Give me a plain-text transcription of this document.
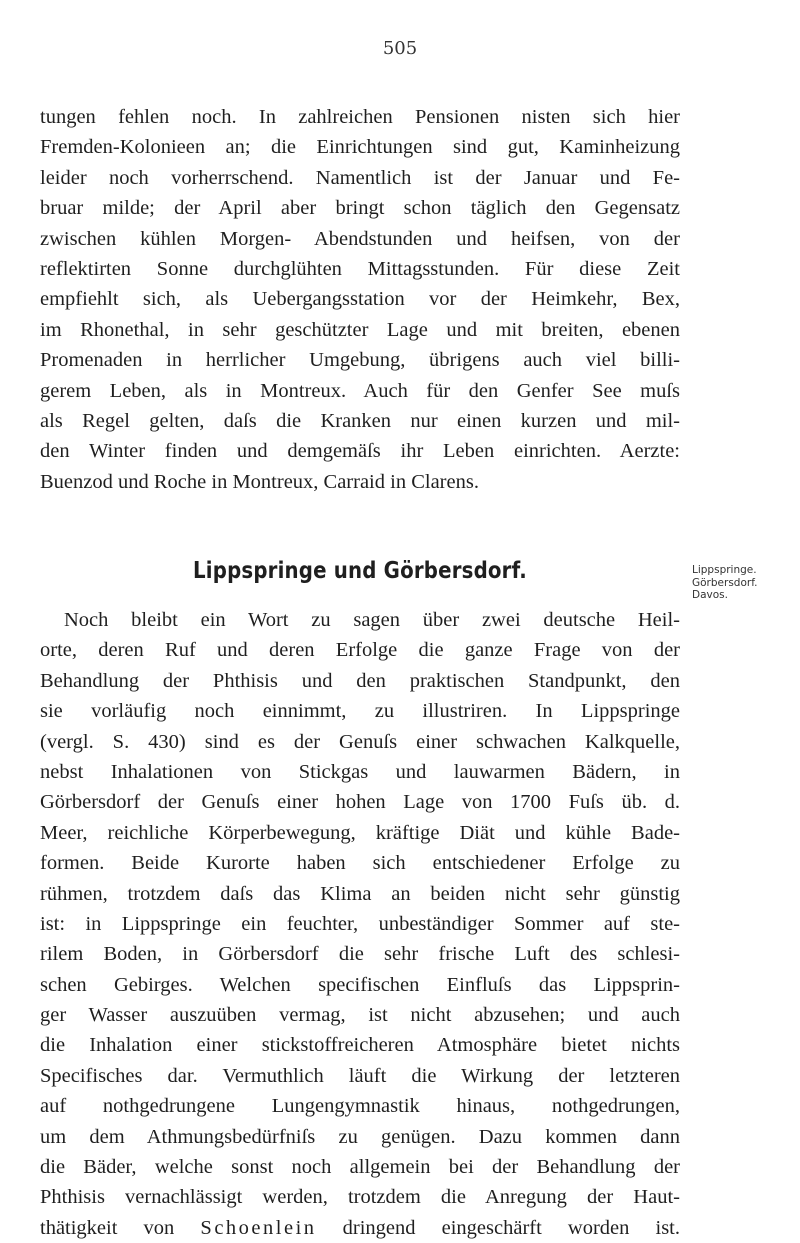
505
tungen fehlen noch. In zahlreichen Pensionen nisten sich hier
Fremden-Kolonieen an; die Einrichtungen sind gut, Kaminheizung
leider noch vorherrschend. Namentlich ist der Januar und Fe-
bruar milde; der April aber bringt schon täglich den Gegensatz
zwischen kühlen Morgen- Abendstunden und heifsen, von der
reflektirten Sonne durchglühten Mittagsstunden. Für diese Zeit
empfiehlt sich, als Uebergangsstation vor der Heimkehr, Bex,
im Rhonethal, in sehr geschützter Lage und mit breiten, ebenen
Promenaden in herrlicher Umgebung, übrigens auch viel billi-
gerem Leben, als in Montreux. Auch für den Genfer See muſs
als Regel gelten, daſs die Kranken nur einen kurzen und mil-
den Winter finden und demgemäſs ihr Leben einrichten. Aerzte:
Buenzod und Roche in Montreux, Carraid in Clarens.
Lippspringe und Görbersdorf.	Lippspringe.
Görbersdorf.
Davos.
Noch bleibt ein Wort zu sagen über zwei deutsche Heil-
orte, deren Ruf und deren Erfolge die ganze Frage von der
Behandlung der Phthisis und den praktischen Standpunkt, den
sie vorläufig noch einnimmt, zu illustriren. In Lippspringe
(vergl. S. 430) sind es der Genuſs einer schwachen Kalkquelle,
nebst Inhalationen von Stickgas und lauwarmen Bädern, in
Görbersdorf der Genuſs einer hohen Lage von 1700 Fuſs üb. d.
Meer, reichliche Körperbewegung, kräftige Diät und kühle Bade-
formen. Beide Kurorte haben sich entschiedener Erfolge zu
rühmen, trotzdem daſs das Klima an beiden nicht sehr günstig
ist: in Lippspringe ein feuchter, unbeständiger Sommer auf ste-
rilem Boden, in Görbersdorf die sehr frische Luft des schlesi-
schen Gebirges. Welchen specifischen Einfluſs das Lippsprin-
ger Wasser auszuüben vermag, ist nicht abzusehen; und auch
die Inhalation einer stickstoffreicheren Atmosphäre bietet nichts
Specifisches dar. Vermuthlich läuft die Wirkung der letzteren
auf nothgedrungene Lungengymnastik hinaus, nothgedrungen,
um dem Athmungsbedürfniſs zu genügen. Dazu kommen dann
die Bäder, welche sonst noch allgemein bei der Behandlung der
Phthisis vernachlässigt werden, trotzdem die Anregung der Haut-
thätigkeit von Schoenlein dringend eingeschärft worden ist.
